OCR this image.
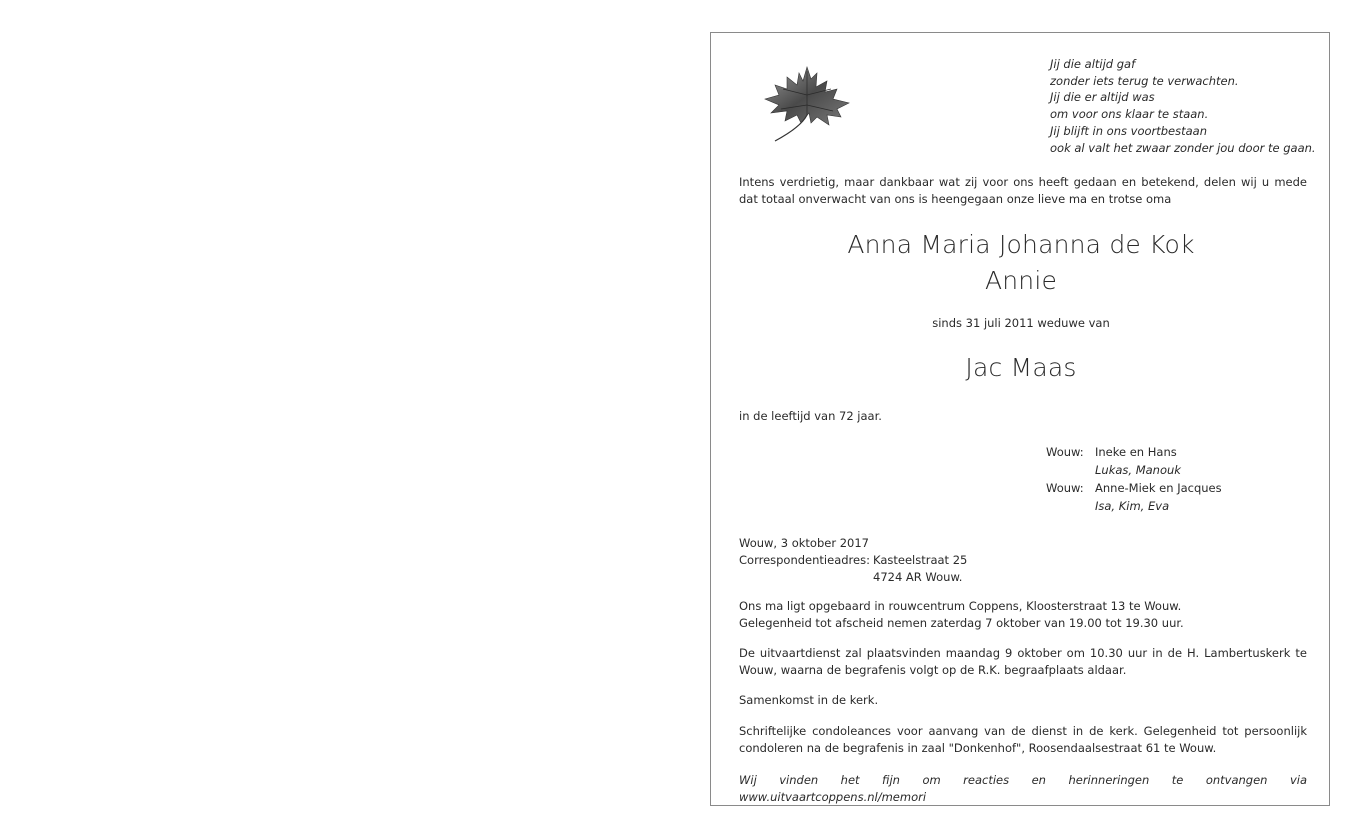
Jij die altijd gaf
zonder iets terug te verwachten.
Jij die er altijd was
om voor ons klaar te staan.
Jij blijft in ons voortbestaan
ook al valt het zwaar zonder jou door te gaan.
Intens verdrietig, maar dankbaar wat zij voor ons heeft gedaan en betekend, delen wij u mede dat totaal onverwacht van ons is heengegaan onze lieve ma en trotse oma
Anna Maria Johanna de Kok
Annie
sinds 31 juli 2011 weduwe van
Jac Maas
in de leeftijd van 72 jaar.
Wouw: Ineke en Hans
Lukas, Manouk
Wouw: Anne-Miek en Jacques
Isa, Kim, Eva
Wouw, 3 oktober 2017
Correspondentieadres: Kasteelstraat 25
4724 AR Wouw.
Ons ma ligt opgebaard in rouwcentrum Coppens, Kloosterstraat 13 te Wouw.
Gelegenheid tot afscheid nemen zaterdag 7 oktober van 19.00 tot 19.30 uur.
De uitvaartdienst zal plaatsvinden maandag 9 oktober om 10.30 uur in de H. Lambertuskerk te Wouw, waarna de begrafenis volgt op de R.K. begraafplaats aldaar.
Samenkomst in de kerk.
Schriftelijke condoleances voor aanvang van de dienst in de kerk. Gelegenheid tot persoonlijk condoleren na de begrafenis in zaal "Donkenhof", Roosendaalsestraat 61 te Wouw.
Wij vinden het fijn om reacties en herinneringen te ontvangen via www.uitvaartcoppens.nl/memori
